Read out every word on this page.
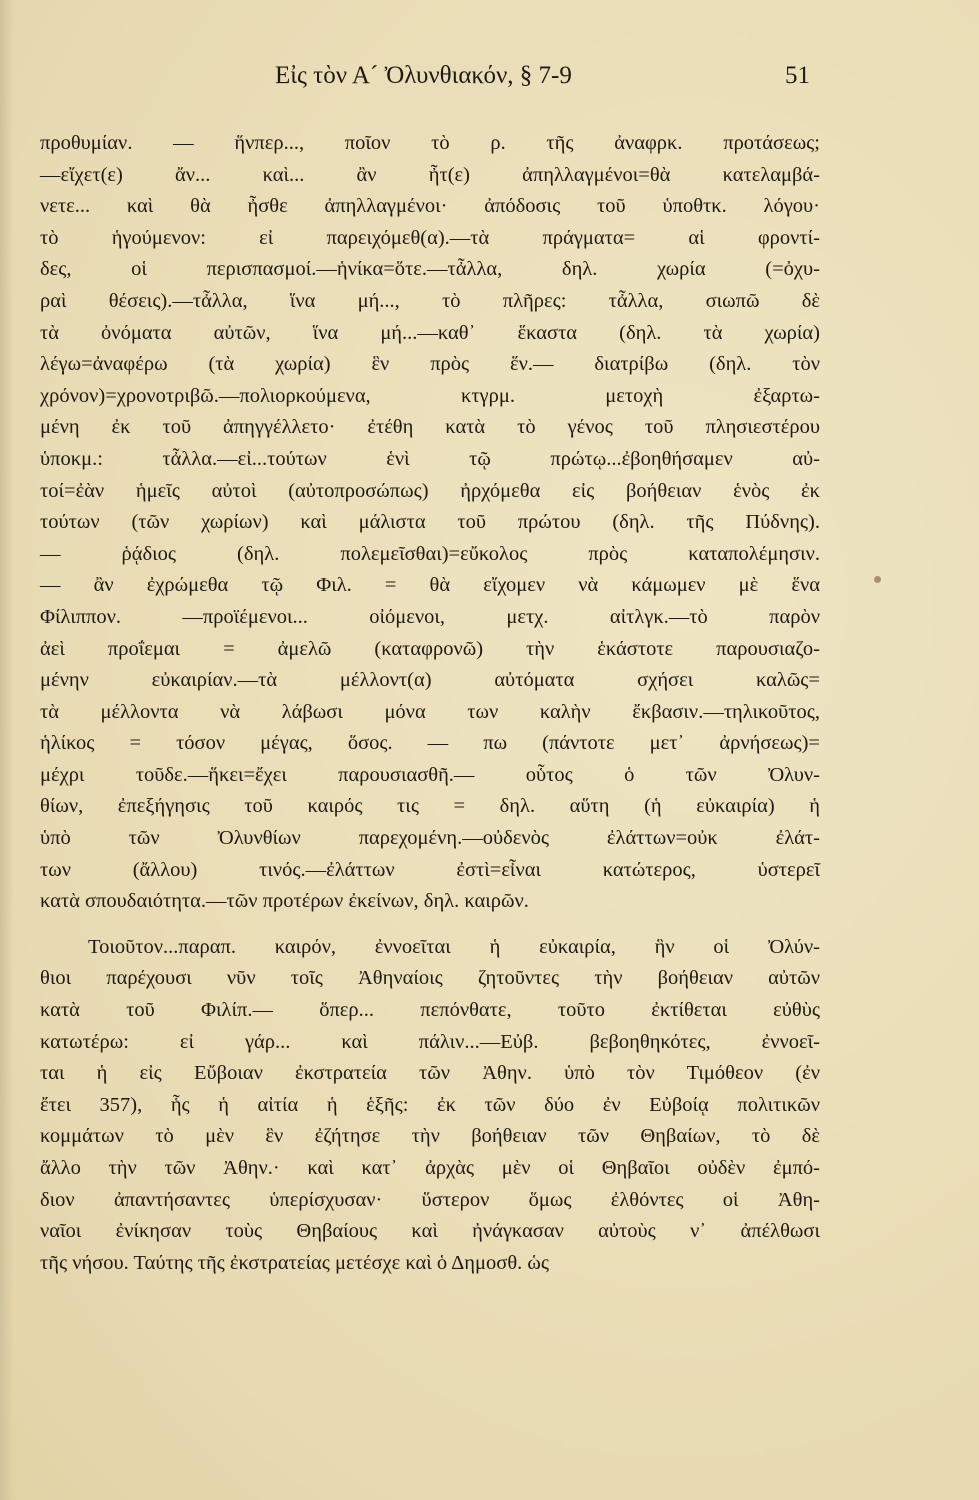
Εἰς τὸν Α´ Ὀλυνθιακόν, § 7-9	51
προθυμίαν. — ἥνπερ..., ποῖον τὸ ρ. τῆς ἀναφρκ. προτάσεως;
—εἴχετ(ε) ἄν... καὶ... ἂν ἦτ(ε) ἀπηλλαγμένοι=θὰ κατελαμβά-
νετε... καὶ θὰ ἦσθε ἀπηλλαγμένοι· ἀπόδοσις τοῦ ὑποθτκ. λόγου·
τὸ ἡγούμενον: εἰ παρειχόμεθ(α).—τὰ πράγματα= αἱ φροντί-
δες, οἱ περισπασμοί.—ἡνίκα=ὅτε.—τἆλλα, δηλ. χωρία (=ὀχυ-
ραὶ θέσεις).—τἆλλα, ἵνα μή..., τὸ πλῆρες: τἆλλα, σιωπῶ δὲ
τὰ ὀνόματα αὐτῶν, ἵνα μή...—καθ᾿ ἕκαστα (δηλ. τὰ χωρία)
λέγω=ἀναφέρω (τὰ χωρία) ἓν πρὸς ἕν.— διατρίβω (δηλ. τὸν
χρόνον)=χρονοτριβῶ.—πολιορκούμενα, κτγρμ. μετοχὴ ἐξαρτω-
μένη ἐκ τοῦ ἀπηγγέλλετο· ἐτέθη κατὰ τὸ γένος τοῦ πλησιεστέρου
ὑποκμ.: τἆλλα.—εἰ...τούτων ἑνὶ τῷ πρώτῳ...ἐβοηθήσαμεν αὐ-
τοί=ἐὰν ἡμεῖς αὐτοὶ (αὐτοπροσώπως) ἠρχόμεθα εἰς βοήθειαν ἑνὸς ἐκ
τούτων (τῶν χωρίων) καὶ μάλιστα τοῦ πρώτου (δηλ. τῆς Πύδνης).
— ῥᾴδιος (δηλ. πολεμεῖσθαι)=εὔκολος πρὸς καταπολέμησιν.
— ἂν ἐχρώμεθα τῷ Φιλ. = θὰ εἴχομεν νὰ κάμωμεν μὲ ἕνα
Φίλιππον. —προϊέμενοι... οἰόμενοι, μετχ. αἰτλγκ.—τὸ παρὸν
ἀεὶ προΐεμαι = ἀμελῶ (καταφρονῶ) τὴν ἑκάστοτε παρουσιαζο-
μένην εὐκαιρίαν.—τὰ μέλλοντ(α) αὐτόματα σχήσει καλῶς=
τὰ μέλλοντα νὰ λάβωσι μόνα των καλὴν ἔκβασιν.—τηλικοῦτος,
ἡλίκος = τόσον μέγας, ὅσος. — πω (πάντοτε μετ᾿ ἀρνήσεως)=
μέχρι τοῦδε.—ἥκει=ἔχει παρουσιασθῆ.— οὗτος ὁ τῶν Ὀλυν-
θίων, ἐπεξήγησις τοῦ καιρός τις = δηλ. αὕτη (ἡ εὐκαιρία) ἡ
ὑπὸ τῶν Ὀλυνθίων παρεχομένη.—οὐδενὸς ἐλάττων=οὐκ ἐλάτ-
των (ἄλλου) τινός.—ἐλάττων ἐστὶ=εἶναι κατώτερος, ὑστερεῖ
κατὰ σπουδαιότητα.—τῶν προτέρων ἐκείνων, δηλ. καιρῶν.
Τοιοῦτον...παραπ. καιρόν, ἐννοεῖται ἡ εὐκαιρία, ἣν οἱ Ὀλύν-
θιοι παρέχουσι νῦν τοῖς Ἀθηναίοις ζητοῦντες τὴν βοήθειαν αὐτῶν
κατὰ τοῦ Φιλίπ.— ὅπερ... πεπόνθατε, τοῦτο ἐκτίθεται εὐθὺς
κατωτέρω: εἰ γάρ... καὶ πάλιν...—Εὐβ. βεβοηθηκότες, ἐννοεῖ-
ται ἡ εἰς Εὔβοιαν ἐκστρατεία τῶν Ἀθην. ὑπὸ τὸν Τιμόθεον (ἐν
ἔτει 357), ἧς ἡ αἰτία ἡ ἑξῆς: ἐκ τῶν δύο ἐν Εὐβοίᾳ πολιτικῶν
κομμάτων τὸ μὲν ἓν ἐζήτησε τὴν βοήθειαν τῶν Θηβαίων, τὸ δὲ
ἄλλο τὴν τῶν Ἀθην.· καὶ κατ᾿ ἀρχὰς μὲν οἱ Θηβαῖοι οὐδὲν ἐμπό-
διον ἀπαντήσαντες ὑπερίσχυσαν· ὕστερον ὅμως ἐλθόντες οἱ Ἀθη-
ναῖοι ἐνίκησαν τοὺς Θηβαίους καὶ ἠνάγκασαν αὐτοὺς ν᾿ ἀπέλθωσι
τῆς νήσου. Ταύτης τῆς ἐκστρατείας μετέσχε καὶ ὁ Δημοσθ. ὡς
